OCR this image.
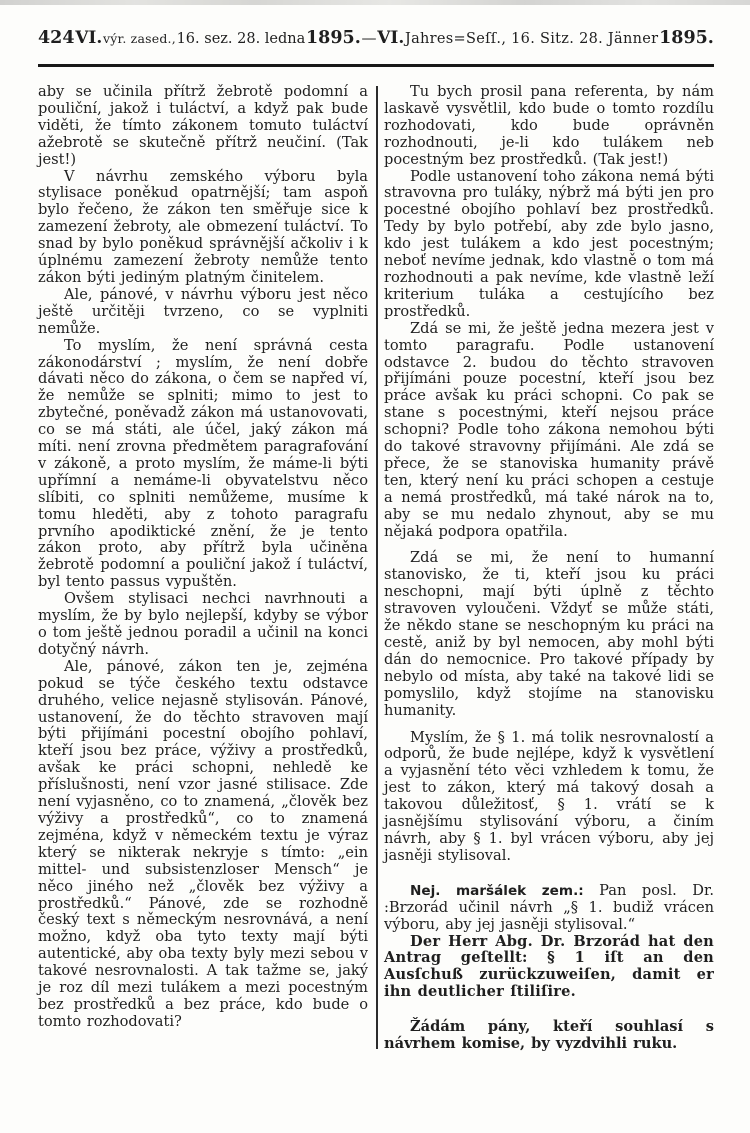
424 VI. výr. zased., 16. sez. 28. ledna 1895. — VI. Jahres=Seſſ., 16. Sitz. 28. Jänner 1895.

aby se učinila přítrž žebrotě podomní a pouliční, jakož i tuláctví, a když pak bude viděti, že tímto zákonem tomuto tuláctví ažebrotě se skutečně přítrž neučiní. (Tak jest!)

V návrhu zemského výboru byla stylisace poněkud opatrnější; tam aspoň bylo řečeno, že zákon ten směřuje sice k zamezení žebroty, ale obmezení tuláctví. To snad by bylo poněkud správnější ačkoliv i k úplnému zamezení žebroty nemůže tento zákon býti jediným platným činitelem.

Ale, pánové, v návrhu výboru jest něco ještě určitěji tvrzeno, co se vyplniti nemůže.

To myslím, že není správná cesta zákonodárství ; myslím, že není dobře dávati něco do zákona, o čem se napřed ví, že nemůže se splniti; mimo to jest to zbytečné, poněvadž zákon má ustanovovati, co se má státi, ale účel, jaký zákon má míti. není zrovna předmětem paragrafování v zákoně, a proto myslím, že máme-li býti upřímní a nemáme-li obyvatelstvu něco slíbiti, co splniti nemůžeme, musíme k tomu hleděti, aby z tohoto paragrafu prvního apodiktické znění, že je tento zákon proto, aby přítrž byla učiněna žebrotě podomní a pouliční jakož í tuláctví, byl tento passus vypuštěn.

Ovšem stylisaci nechci navrhnouti a myslím, že by bylo nejlepší, kdyby se výbor o tom ještě jednou poradil a učinil na konci dotyčný návrh.

Ale, pánové, zákon ten je, zejména pokud se týče českého textu odstavce druhého, velice nejasně stylisován. Pánové, ustanovení, že do těchto stravoven mají býti přijímáni pocestní obojího pohlaví, kteří jsou bez práce, výživy a prostředků, avšak ke práci schopni, nehledě ke příslušnosti, není vzor jasné stilisace. Zde není vyjasněno, co to znamená, „člověk bez výživy a prostředků“, co to znamená zejména, když v německém textu je výraz který se nikterak nekryje s tímto: „ein mittel- und subsistenzloser Mensch“ je něco jiného než „člověk bez výživy a prostředků.“ Pánové, zde se rozhodně český text s německým nesrovnává, a není možno, když oba tyto texty mají býti autentické, aby oba texty byly mezi sebou v takové nesrovnalosti. A tak tažme se, jaký je roz díl mezi tulákem a mezi pocestným bez prostředků a bez práce, kdo bude o tomto rozhodovati?

Tu bych prosil pana referenta, by nám laskavě vysvětlil, kdo bude o tomto rozdílu rozhodovati, kdo bude oprávněn rozhodnouti, je-li kdo tulákem neb pocestným bez prostředků. (Tak jest!)

Podle ustanovení toho zákona nemá býti stravovna pro tuláky, nýbrž má býti jen pro pocestné obojího pohlaví bez prostředků. Tedy by bylo potřebí, aby zde bylo jasno, kdo jest tulákem a kdo jest pocestným; neboť nevíme jednak, kdo vlastně o tom má rozhodnouti a pak nevíme, kde vlastně leží kriterium tuláka a cestujícího bez prostředků.

Zdá se mi, že ještě jedna mezera jest v tomto paragrafu. Podle ustanovení odstavce 2. budou do těchto stravoven přijímáni pouze pocestní, kteří jsou bez práce avšak ku práci schopni. Co pak se stane s pocestnými, kteří nejsou práce schopni? Podle toho zákona nemohou býti do takové stravovny přijímáni. Ale zdá se přece, že se stanoviska humanity právě ten, který není ku práci schopen a cestuje a nemá prostředků, má také nárok na to, aby se mu nedalo zhynout, aby se mu nějaká podpora opatřila.

Zdá se mi, že není to humanní stanovisko, že ti, kteří jsou ku práci neschopni, mají býti úplně z těchto stravoven vyloučeni. Vždyť se může státi, že někdo stane se neschopným ku práci na cestě, aniž by byl nemocen, aby mohl býti dán do nemocnice. Pro takové případy by nebylo od místa, aby také na takové lidi se pomyslilo, když stojíme na stanovisku humanity.

Myslím, že § 1. má tolik nesrovnalostí a odporů, že bude nejlépe, když k vysvětlení a vyjasnění této věci vzhledem k tomu, že jest to zákon, který má takový dosah a takovou důležitosť, § 1. vrátí se k jasnějšímu stylisování výboru, a činím návrh, aby § 1. byl vrácen výboru, aby jej jasněji stylisoval.

Nej. maršálek zem.: Pan posl. Dr. :Brzorád učinil návrh „§ 1. budiž vrácen výboru, aby jej jasněji stylisoval.“

Der Herr Abg. Dr. Brzorád hat den Antrag geſtellt: § 1 iſt an den Ausſchuß zurückzuweiſen, damit er ihn deutlicher ſtiliſire.

Žádám pány, kteří souhlasí s návrhem komise, by vyzdvihli ruku.
